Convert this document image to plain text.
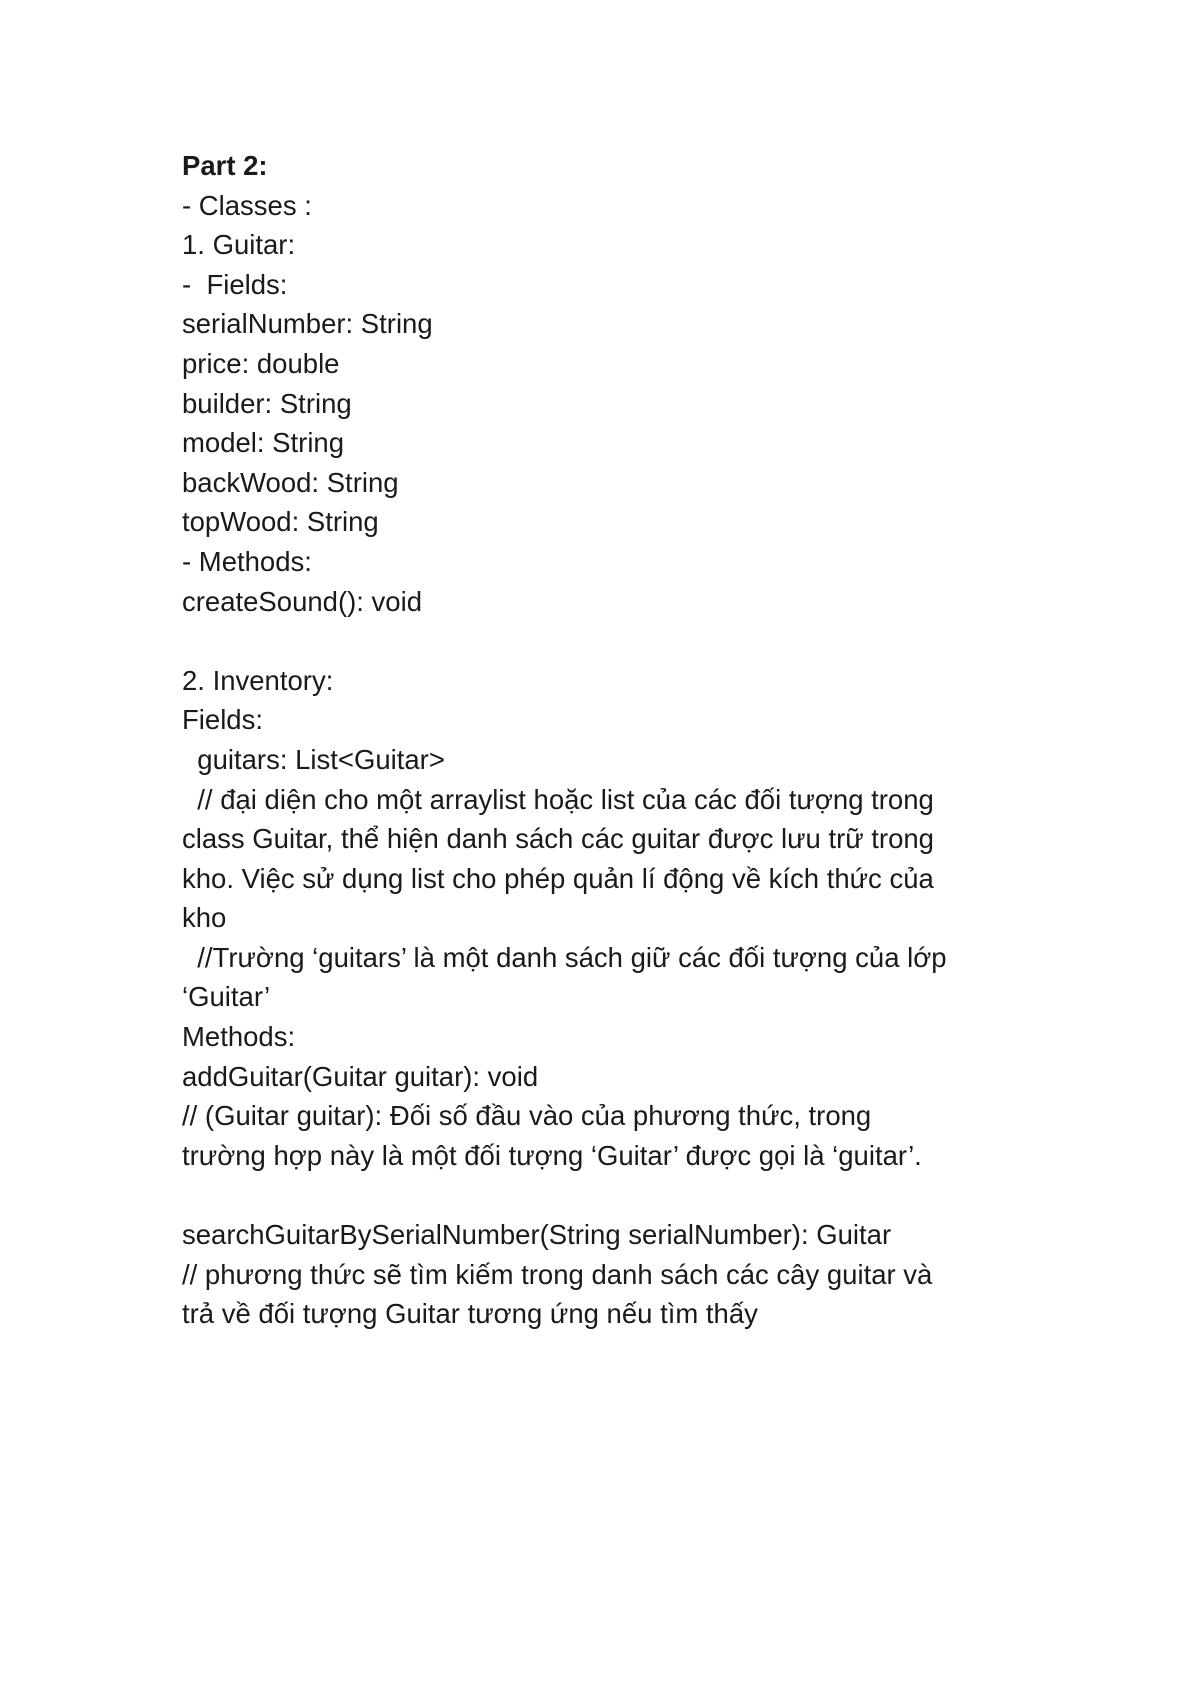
Part 2:
- Classes :
1. Guitar:
-  Fields:
serialNumber: String
price: double
builder: String
model: String
backWood: String
topWood: String
- Methods:
createSound(): void
2. Inventory:
Fields:
guitars: List<Guitar>
// đại diện cho một arraylist hoặc list của các đối tượng trong
class Guitar, thể hiện danh sách các guitar được lưu trữ trong
kho. Việc sử dụng list cho phép quản lí động về kích thức của
kho
//Trường ‘guitars’ là một danh sách giữ các đối tượng của lớp
‘Guitar’
Methods:
addGuitar(Guitar guitar): void
// (Guitar guitar): Đối số đầu vào của phương thức, trong
trường hợp này là một đối tượng ‘Guitar’ được gọi là ‘guitar’.
searchGuitarBySerialNumber(String serialNumber): Guitar
// phương thức sẽ tìm kiếm trong danh sách các cây guitar và
trả về đối tượng Guitar tương ứng nếu tìm thấy
